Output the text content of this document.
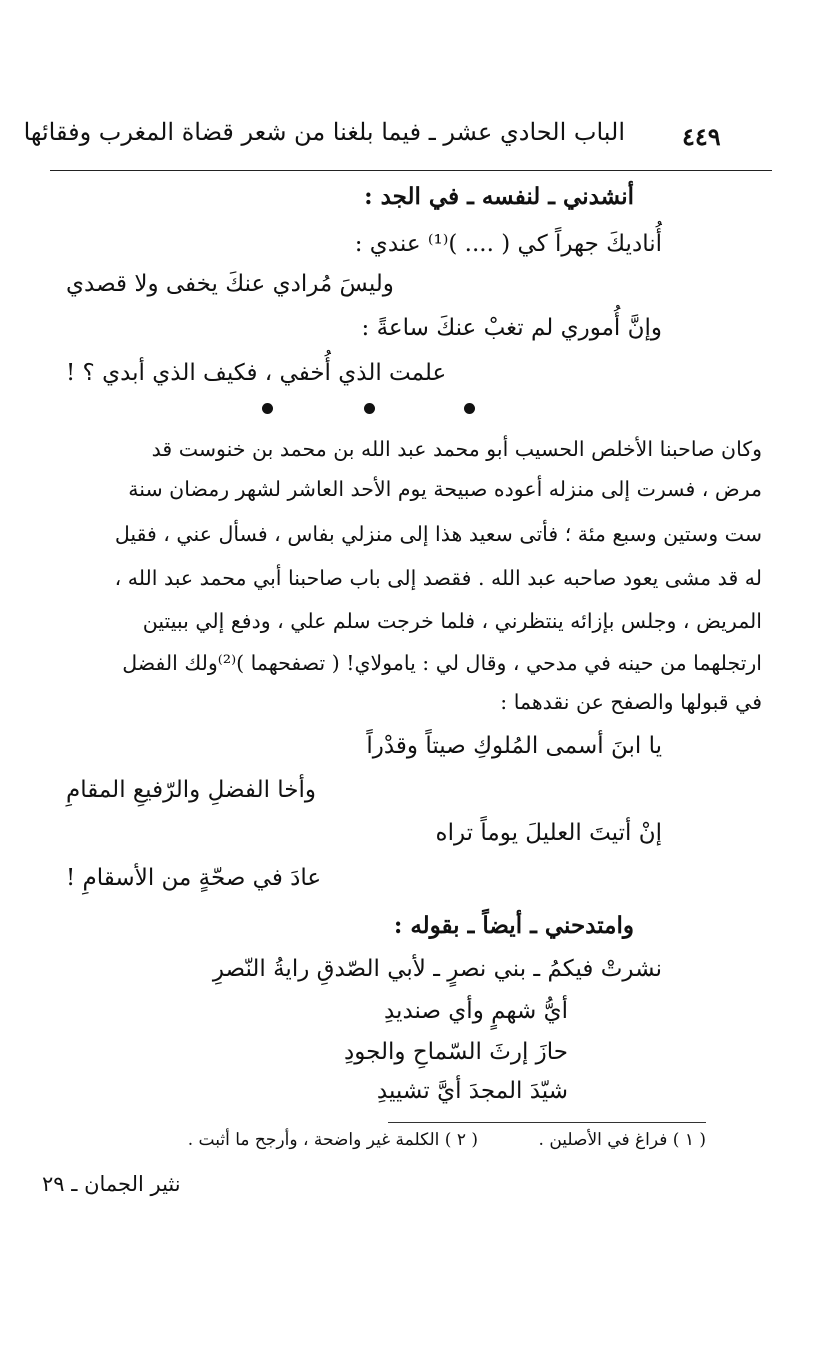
الباب الحادي عشر ـ فيما بلغنا من شعر قضاة المغرب وفقائها ٤٤٩
أنشدني ـ لنفسه ـ في الجد :
أُناديكَ جهراً كي ( .... )⁽¹⁾ عندي :
وليسَ مُرادي عنكَ يخفى ولا قصدي
وإنَّ أُموري لم تغبْ عنكَ ساعةً :
علمت الذي أُخفي ، فكيف الذي أبدي ؟ !
وكان صاحبنا الأخلص الحسيب أبو محمد عبد الله بن محمد بن خنوست قد
مرض ، فسرت إلى منزله أعوده صبيحة يوم الأحد العاشر لشهر رمضان سنة
ست وستين وسبع مئة ؛ فأتى سعيد هذا إلى منزلي بفاس ، فسأل عني ، فقيل
له قد مشى يعود صاحبه عبد الله . فقصد إلى باب صاحبنا أبي محمد عبد الله ،
المريض ، وجلس بإزائه ينتظرني ، فلما خرجت سلم علي ، ودفع إلي ببيتين
ارتجلهما من حينه في مدحي ، وقال لي : يامولاي! ( تصفحهما )⁽²⁾ولك الفضل
في قبولها والصفح عن نقدهما :
يا ابنَ أسمى المُلوكِ صيتاً وقدْراً
وأخا الفضلِ والرّفيعِ المقامِ
إنْ أتيتَ العليلَ يوماً تراه
عادَ في صحّةٍ من الأسقامِ !
وامتدحني ـ أيضاً ـ بقوله :
نشرتْ فيكمُ ـ بني نصرٍ ـ لأبي الصّدقِ رايةُ النّصرِ
أيُّ شهمٍ وأي صنديدِ
حازَ إرثَ السّماحِ والجودِ
شيّدَ المجدَ أيَّ تشييدِ
( ١ ) فراغ في الأصلين .
( ٢ ) الكلمة غير واضحة ، وأرجح ما أثبت .
نثير الجمان ـ ٢٩
